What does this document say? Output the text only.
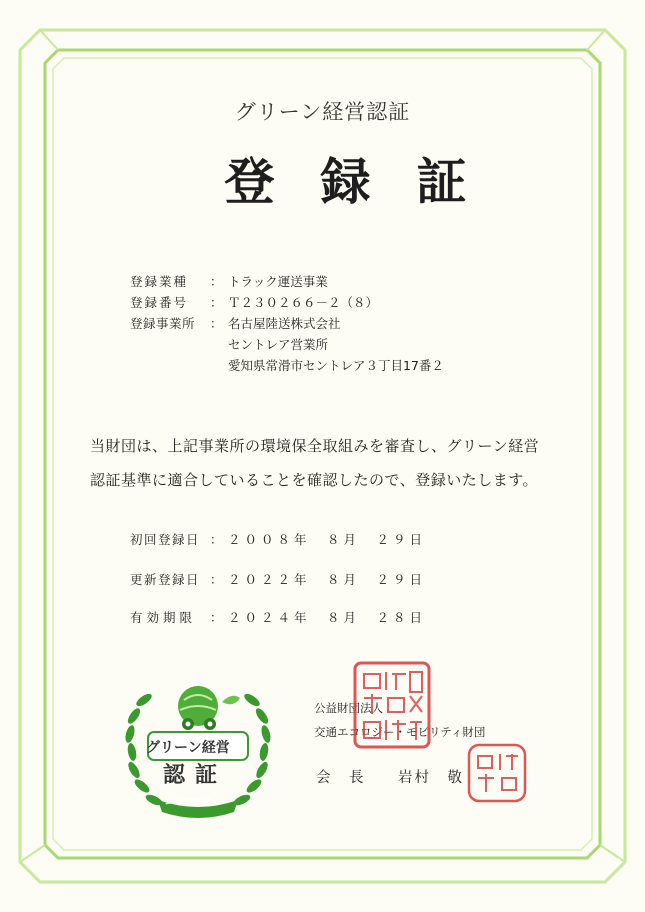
グリーン経営認証
登録証
登録業種 ： トラック運送事業
登録番号 ： Ｔ２３０２６６－２（８）
登録事業所 ： 名古屋陸送株式会社
セントレア営業所
愛知県常滑市セントレア３丁目17番２
当財団は、上記事業所の環境保全取組みを審査し、グリーン経営
認証基準に適合していることを確認したので、登録いたします。
初回登録日 ： ２００８年　８月　２９日
更新登録日 ： ２０２２年　８月　２９日
有効期限 ： ２０２４年　８月　２８日
グリーン経営
認証
エコモ財団
公益財団法人
交通エコロジー・モビリティ財団
会　長 岩村　敬
